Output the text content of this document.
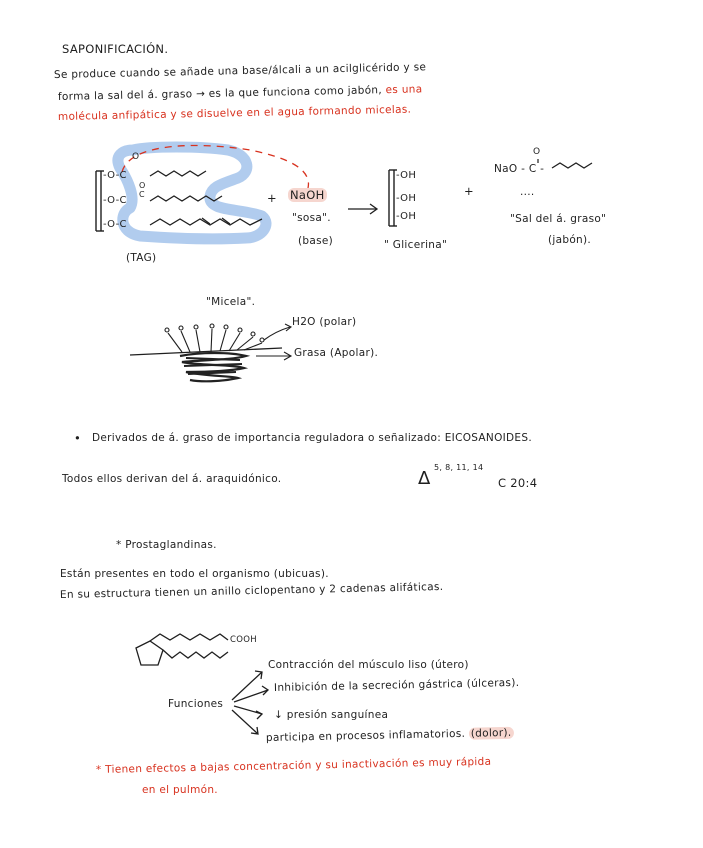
SAPONIFICACIÓN.
Se produce cuando se añade una base/álcali a un acilglicérido y se
forma la sal del á. graso → es la que funciona como jabón, es una
molécula anfipática y se disuelve en el agua formando micelas.
O
O
C
-O-C
-O-C
-O-C
(TAG)
+ NaOH
"sosa".
(base)
-OH
-OH
-OH
" Glicerina"
+
O
NaO - C -
....
"Sal del á. graso"
(jabón).
"Micela".
H2O (polar)
Grasa (Apolar).
• Derivados de á. graso de importancia reguladora o señalizado: EICOSANOIDES.
Todos ellos derivan del á. araquidónico.	Δ
5, 8, 11, 14
C 20:4
* Prostaglandinas.
Están presentes en todo el organismo (ubicuas).
En su estructura tienen un anillo ciclopentano y 2 cadenas alifáticas.
COOH
Funciones
Contracción del músculo liso (útero)
Inhibición de la secreción gástrica (úlceras).
↓ presión sanguínea
participa en procesos inflamatorios. (dolor).
* Tienen efectos a bajas concentración y su inactivación es muy rápida
en el pulmón.
